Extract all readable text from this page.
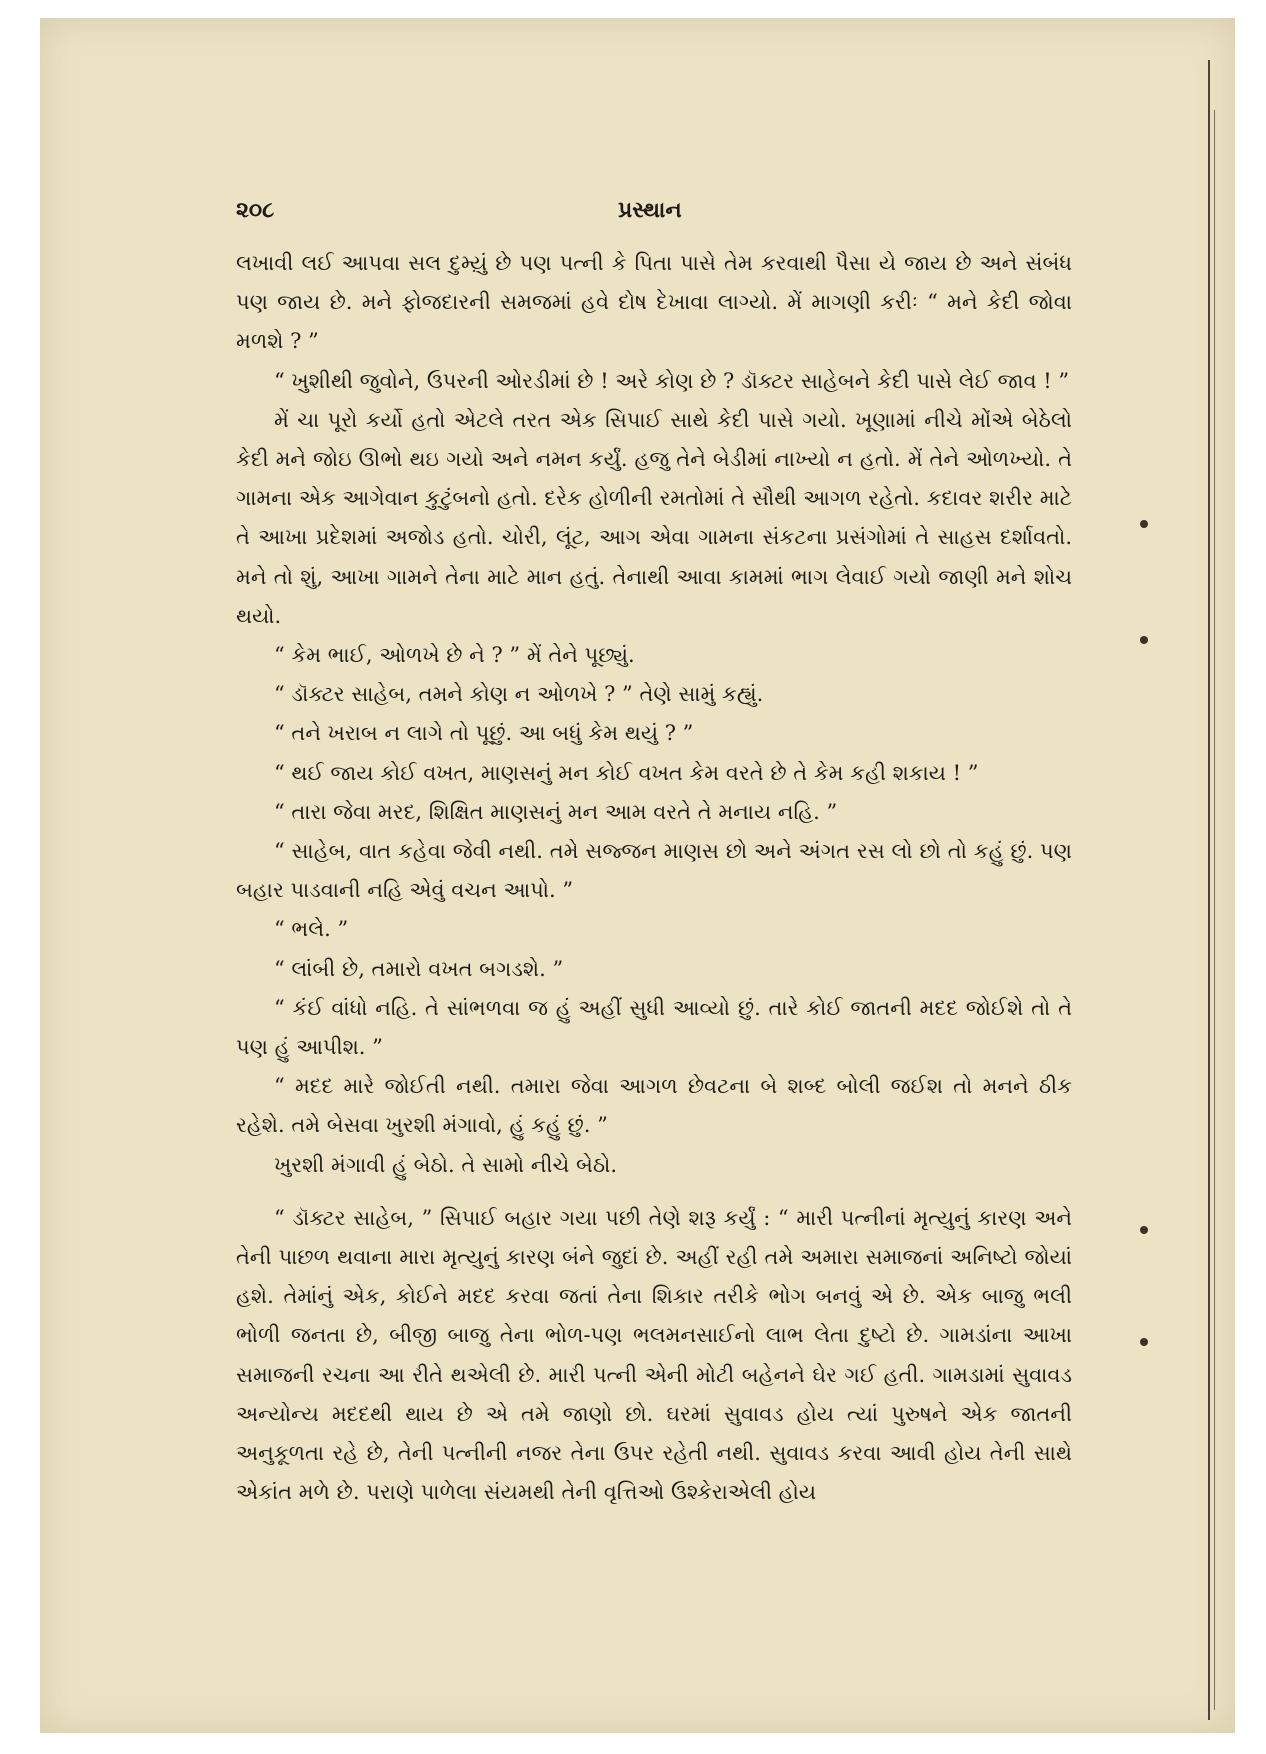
૨૦૮	પ્રસ્થાન

લખાવી લઈ આપવા સલ દુમ્યુ઼ં છે પણ પત્ની કે પિતા પાસે તેમ કરવાથી પૈસા યે જાય છે અને સંબંધ પણ જાય છે. મને ફોજદારની સમજમાં હવે દોષ દેખાવા લાગ્યો. મેં માગણી કરીઃ “ મને કેદી જોવા મળશે ? ”

“ ખુશીથી જુવોને, ઉપરની ઓરડીમાં છે ! અરે કોણ છે ? ડૉક્ટર સાહેબને કેદી પાસે લેઈ જાવ ! ”

મેં ચા પૂરો કર્યો હતો એટલે તરત એક સિપાઈ સાથે કેદી પાસે ગયો. ખૂણામાં નીચે મોંએ બેઠેલો કેદી મને જોઇ ઊભો થઇ ગયો અને નમન કર્યું. હજુ તેને બેડીમાં નાખ્યો ન હતો. મેં તેને ઓળખ્યો. તે ગામના એક આગેવાન કુટુંબનો હતો. દરેક હોળીની રમતોમાં તે સૌથી આગળ રહેતો. કદાવર શરીર માટે તે આખા પ્રદેશમાં અજોડ હતો. ચોરી, લૂંટ, આગ એવા ગામના સંકટના પ્રસંગોમાં તે સાહસ દર્શાવતો. મને તો શું, આખા ગામને તેના માટે માન હતું. તેનાથી આવા કામમાં ભાગ લેવાઈ ગયો જાણી મને શોચ થયો.

“ કેમ ભાઈ, ઓળખે છે ને ? ” મેં તેને પૂછ્યું.

“ ડૉક્ટર સાહેબ, તમને કોણ ન ઓળખે ? ” તેણે સામું કહ્યું.

“ તને ખરાબ ન લાગે તો પૂછું. આ બધું કેમ થયું ? ”

“ થઈ જાય કોઈ વખત, માણસનું મન કોઈ વખત કેમ વરતે છે તે કેમ કહી શકાય ! ”

“ તારા જેવા મરદ, શિક્ષિત માણસનું મન આમ વરતે તે મનાય નહિ. ”

“ સાહેબ, વાત કહેવા જેવી નથી. તમે સજ્જન માણસ છો અને અંગત રસ લો છો તો કહું છું. પણ બહાર પાડવાની નહિ એવું વચન આપો. ”

“ ભલે. ”

“ લાંબી છે, તમારો વખત બગડશે. ”

“ કંઈ વાંધો નહિ. તે સાંભળવા જ હું અહીં સુધી આવ્યો છું. તારે કોઈ જાતની મદદ જોઈશે તો તે પણ હું આપીશ. ”

“ મદદ મારે જોઈતી નથી. તમારા જેવા આગળ છેવટના બે શબ્દ બોલી જઈશ તો મનને ઠીક રહેશે. તમે બેસવા ખુરશી મંગાવો, હું કહું છું. ”

ખુરશી મંગાવી હું બેઠો. તે સામો નીચે બેઠો.

“ ડૉક્ટર સાહેબ, ” સિપાઈ બહાર ગયા પછી તેણે શરૂ કર્યું : “ મારી પત્નીનાં મૃત્યુનું કારણ અને તેની પાછળ થવાના મારા મૃત્યુનું કારણ બંને જુદાં છે. અહીં રહી તમે અમારા સમાજનાં અનિષ્ટો જોયાં હશે. તેમાંનું એક, કોઈને મદદ કરવા જતાં તેના શિકાર તરીકે ભોગ બનવું એ છે. એક બાજુ ભલી ભોળી જનતા છે, બીજી બાજુ તેના ભોળ-પણ ભલમનસાઈનો લાભ લેતા દુષ્ટો છે. ગામડાંના આખા સમાજની રચના આ રીતે થએલી છે. મારી પત્ની એની મોટી બહેનને ઘેર ગઈ હતી. ગામડામાં સુવાવડ અન્યોન્ય મદદથી થાય છે એ તમે જાણો છો. ઘરમાં સુવાવડ હોય ત્યાં પુરુષને એક જાતની અનુકૂળતા રહે છે, તેની પત્નીની નજર તેના ઉપર રહેતી નથી. સુવાવડ કરવા આવી હોય તેની સાથે એકાંત મળે છે. પરાણે પાળેલા સંયમથી તેની વૃત્તિઓ ઉશ્કેરાએલી હોય
